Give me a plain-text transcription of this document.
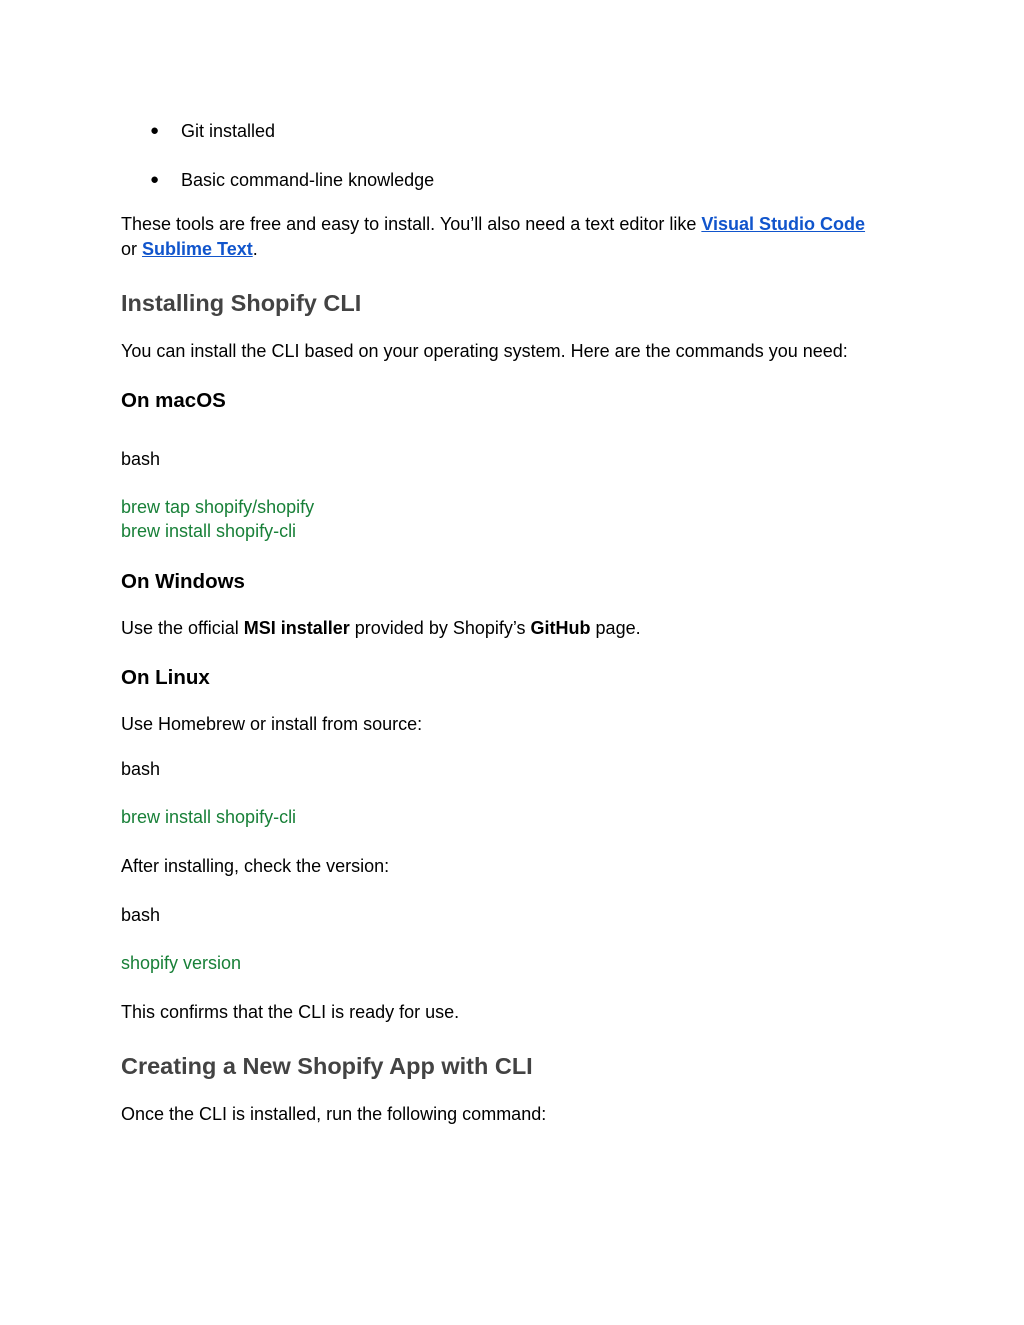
● Git installed
● Basic command-line knowledge
These tools are free and easy to install. You’ll also need a text editor like Visual Studio Code
or Sublime Text.
Installing Shopify CLI
You can install the CLI based on your operating system. Here are the commands you need:
On macOS
bash
brew tap shopify/shopify
brew install shopify-cli
On Windows
Use the official MSI installer provided by Shopify’s GitHub page.
On Linux
Use Homebrew or install from source:
bash
brew install shopify-cli
After installing, check the version:
bash
shopify version
This confirms that the CLI is ready for use.
Creating a New Shopify App with CLI
Once the CLI is installed, run the following command:
